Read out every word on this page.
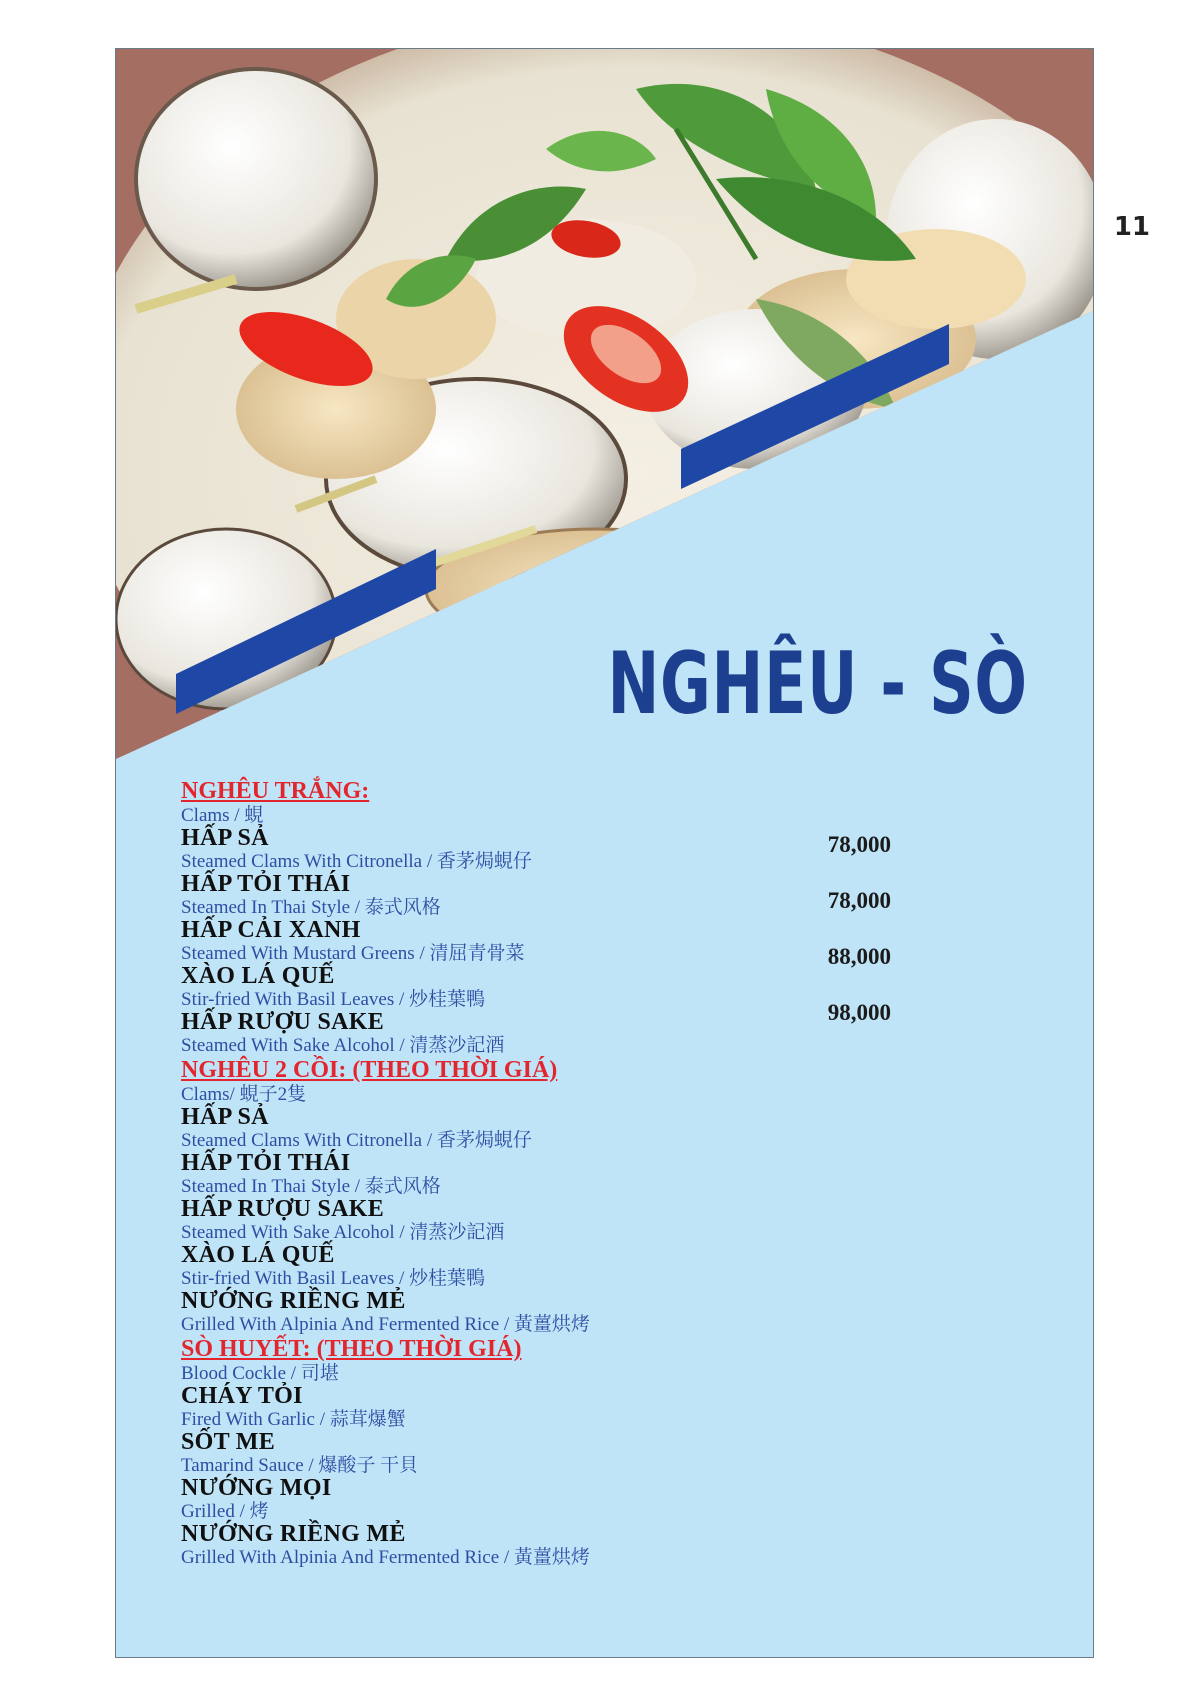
11
NGHÊU - SÒ
NGHÊU TRẮNG:
Clams / 蜆
HẤP SẢ
Steamed Clams With Citronella / 香茅焗蜆仔
HẤP TỎI THÁI
Steamed In Thai Style / 泰式风格
HẤP CẢI XANH
Steamed With Mustard Greens / 清屈青骨菜
XÀO LÁ QUẾ
Stir-fried With Basil Leaves / 炒桂葉鴨
HẤP RƯỢU SAKE
Steamed With Sake Alcohol / 清蒸沙記酒
78,000
78,000
88,000
98,000
NGHÊU 2 CỒI: (THEO THỜI GIÁ)
Clams/ 蜆子2隻
HẤP SẢ
Steamed Clams With Citronella / 香茅焗蜆仔
HẤP TỎI THÁI
Steamed In Thai Style / 泰式风格
HẤP RƯỢU SAKE
Steamed With Sake Alcohol / 清蒸沙記酒
XÀO LÁ QUẾ
Stir-fried With Basil Leaves / 炒桂葉鴨
NƯỚNG RIỀNG MẺ
Grilled With Alpinia And Fermented Rice / 黃薑烘烤
SÒ HUYẾT: (THEO THỜI GIÁ)
Blood Cockle / 司堪
CHÁY TỎI
Fired With Garlic / 蒜茸爆蟹
SỐT ME
Tamarind Sauce / 爆酸子 干貝
NƯỚNG MỌI
Grilled / 烤
NƯỚNG RIỀNG MẺ
Grilled With Alpinia And Fermented Rice / 黃薑烘烤
